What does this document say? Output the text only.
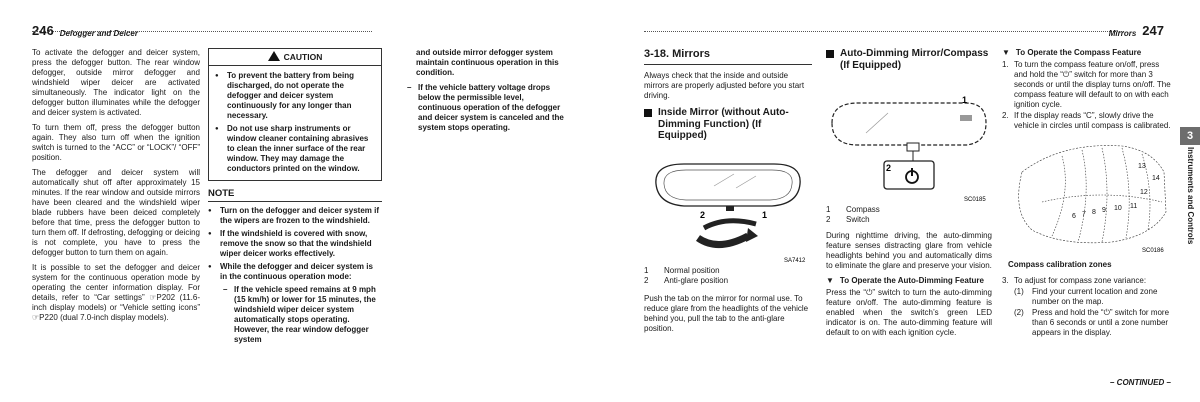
246 Defogger and Deicer

To activate the defogger and deicer system, press the defogger button. The rear window defogger, outside mirror defogger and windshield wiper deicer are activated simultaneously. The indicator light on the defogger button illuminates while the defogger and deicer system is activated.

To turn them off, press the defogger button again. They also turn off when the ignition switch is turned to the “ACC” or “LOCK”/ “OFF” position.

The defogger and deicer system will automatically shut off after approximately 15 minutes. If the rear window and outside mirrors have been cleared and the windshield wiper blade rubbers have been deiced completely before that time, press the defogger button to turn them off. If defrosting, defogging or deicing is not complete, you have to press the defogger button to turn them on again.

It is possible to set the defogger and deicer system for the continuous operation mode by operating the center information display. For details, refer to “Car settings” ☞P202 (11.6-inch display models) or “Vehicle setting icons” ☞P220 (dual 7.0-inch display models).

CAUTION
● To prevent the battery from being discharged, do not operate the defogger and deicer system continuously for any longer than necessary.
● Do not use sharp instruments or window cleaner containing abrasives to clean the inner surface of the rear window. They may damage the conductors printed on the window.
NOTE
● Turn on the defogger and deicer system if the wipers are frozen to the windshield.
● If the windshield is covered with snow, remove the snow so that the windshield wiper deicer works effectively.
● While the defogger and deicer system is in the continuous operation mode:
– If the vehicle speed remains at 9 mph (15 km/h) or lower for 15 minutes, the windshield wiper deicer system automatically stops operating. However, the rear window defogger system

and outside mirror defogger system maintain continuous operation in this condition.

– If the vehicle battery voltage drops below the permissible level, continuous operation of the defogger and deicer system is canceled and the system stops operating.
Mirrors 247
3-18. Mirrors

Always check that the inside and outside mirrors are properly adjusted before you start driving.

Inside Mirror (without Auto-Dimming Function) (If Equipped)
2	1
SA7412
1	Normal position
2	Anti-glare position

Push the tab on the mirror for normal use. To reduce glare from the headlights of the vehicle behind you, pull the tab to the anti-glare position.

Auto-Dimming Mirror/Compass (If Equipped)
1
2
SC0185
1	Compass
2	Switch

During nighttime driving, the auto-dimming feature senses distracting glare from vehicle headlights behind you and automatically dims to eliminate the glare and preserve your vision.

▼ To Operate the Auto-Dimming Feature

Press the “⏻” switch to turn the auto-dimming feature on/off. The auto-dimming feature is enabled when the switch’s green LED indicator is on. The auto-dimming feature will default to on with each ignition cycle.

▼ To Operate the Compass Feature
1. To turn the compass feature on/off, press and hold the “⏻” switch for more than 3 seconds or until the display turns on/off. The compass feature will default to on with each ignition cycle.
2. If the display reads “C”, slowly drive the vehicle in circles until compass is calibrated.
13
14
12
11
10
9
8
7
6
SC0186
Compass calibration zones
3. To adjust for compass zone variance:
(1)	Find your current location and zone number on the map.
(2)	Press and hold the “⏻” switch for more than 6 seconds or until a zone number appears in the display.
– CONTINUED –
3
Instruments and Controls
